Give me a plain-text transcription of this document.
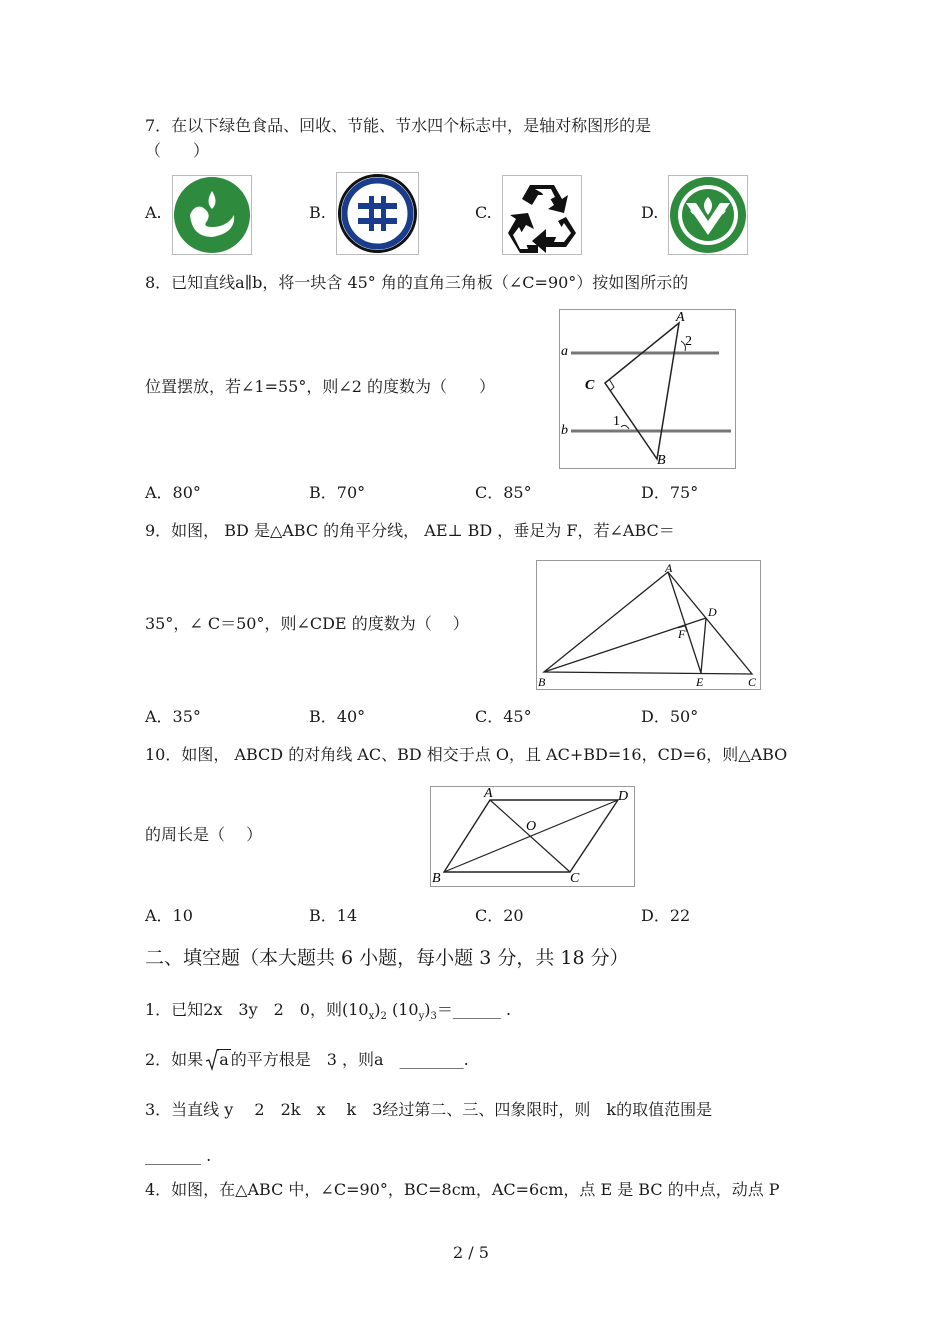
7．在以下绿色食品、回收、节能、节水四个标志中，是轴对称图形的是
（　　）
A.	B.	C.	D.
8．已知直线a∥b，将一块含 45° 角的直角三角板（∠C=90°）按如图所示的
位置摆放，若∠1=55°，则∠2 的度数为（　　）
a
b
A
B
C
1
2
A．80°	B．70°	C．85°	D．75°
9．如图， BD 是△ABC 的角平分线， AE⊥ BD ，垂足为 F，若∠ABC＝
35°，∠ C＝50°，则∠CDE 的度数为（　 ）
A
B	C
D
E
F
A．35°	B．40°	C．45°	D．50°
10．如图， ABCD 的对角线 AC、BD 相交于点 O，且 AC+BD=16，CD=6，则△ABO
的周长是（　 ）
A	D
B	C
O
A．10	B．14	C．20	D．22
二、填空题（本大题共 6 小题，每小题 3 分，共 18 分）
1．已知2x　3y　2　0，则$(10_x)_2$ $(10_y)_3=\_\_\_\_\_\_$ .
2．如果 a 的平方根是　3 ，则a　 ________.
3．当直线 y　 2　2k　x　 k　3经过第二、三、四象限时，则　k的取值范围是
_______ .
4．如图，在△ABC 中，∠C=90°，BC=8cm，AC=6cm，点 E 是 BC 的中点，动点 P
2 / 5
